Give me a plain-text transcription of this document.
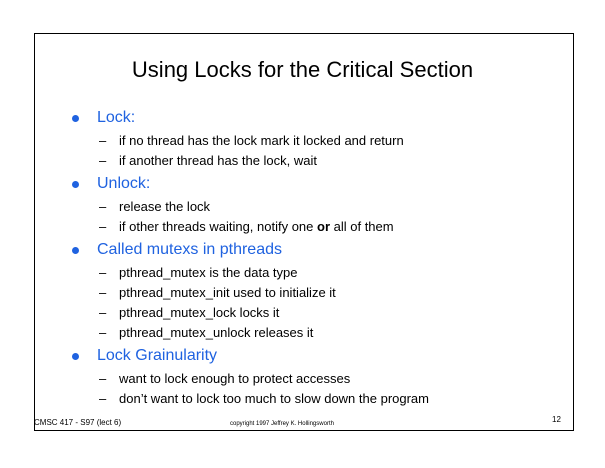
Using Locks for the Critical Section
Lock:
– if no thread has the lock mark it locked and return
– if another thread has the lock, wait
Unlock:
– release the lock
– if other threads waiting, notify one or all of them
Called mutexs in pthreads
– pthread_mutex is the data type
– pthread_mutex_init used to initialize it
– pthread_mutex_lock locks it
– pthread_mutex_unlock releases it
Lock Grainularity
– want to lock enough to protect accesses
– don’t want to lock too much to slow down the program
CMSC 417 - S97 (lect 6)	copyright 1997 Jeffrey K. Hollingsworth	12
